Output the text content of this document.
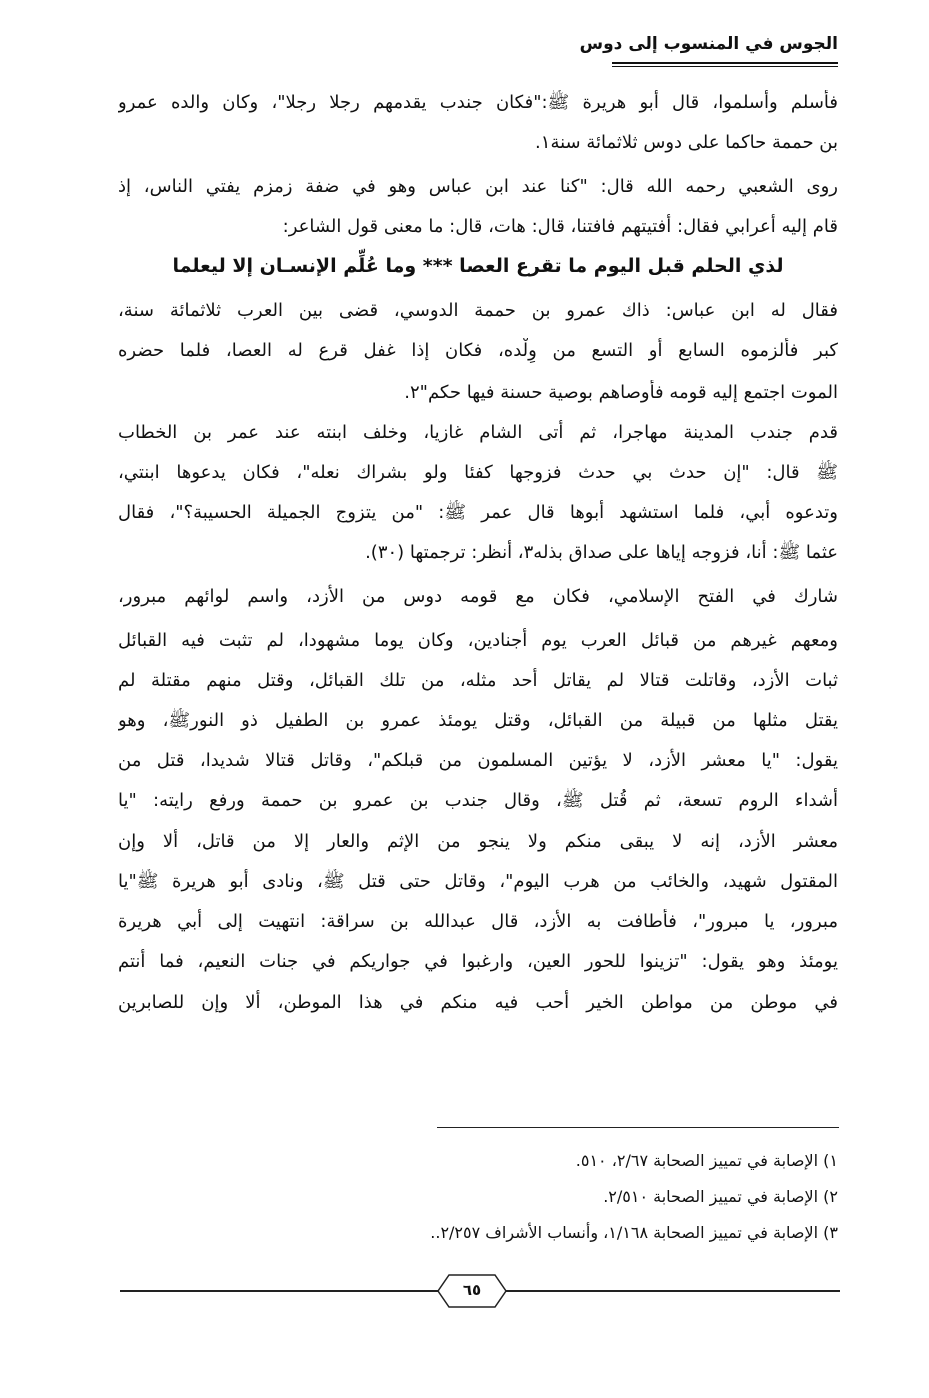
الجوس في المنسوب إلى دوس
فأسلم وأسلموا، قال أبو هريرة ﷺ:"فكان جندب يقدمهم رجلا رجلا"، وكان والده عمرو
بن حممة حاكما على دوس ثلاثمائة سنة١.
روى الشعبي رحمه الله قال: "كنا عند ابن عباس وهو في ضفة زمزم يفتي الناس، إذ
قام إليه أعرابي فقال: أفتيتهم فافتنا، قال: هات، قال: ما معنى قول الشاعر:
لذي الحلم قبل اليوم ما تقرع العصا *** وما عُلِّم الإنسـان إلا ليعلما
فقال له ابن عباس: ذاك عمرو بن حممة الدوسي، قضى بين العرب ثلاثمائة سنة،
كبر فألزموه السابع أو التسع من وِلْده، فكان إذا غفل قرع له العصا، فلما حضره
الموت اجتمع إليه قومه فأوصاهم بوصية حسنة فيها حكم"٢.
قدم جندب المدينة مهاجرا، ثم أتى الشام غازيا، وخلف ابنته عند عمر بن الخطاب
ﷺ قال: "إن حدث بي حدث فزوجها كفئا ولو بشراك نعله"، فكان يدعوها ابنتي،
وتدعوه أبي، فلما استشهد أبوها قال عمر ﷺ: "من يتزوج الجميلة الحسيبة؟"، فقال
عثما ﷺ: أنا، فزوجه إياها على صداق بذله٣، أنظر: ترجمتها (٣٠).
شارك في الفتح الإسلامي، فكان مع قومه دوس من الأزد، واسم لوائهم مبرور،
ومعهم غيرهم من قبائل العرب يوم أجنادين، وكان يوما مشهودا، لم تثبت فيه القبائل
ثبات الأزد، وقاتلت قتالا لم يقاتل أحد مثله، من تلك القبائل، وقتل منهم مقتلة لم
يقتل مثلها من قبيلة من القبائل، وقتل يومئذ عمرو بن الطفيل ذو النورﷺ، وهو
يقول: "يا معشر الأزد، لا يؤتين المسلمون من قبلكم"، وقاتل قتالا شديدا، قتل من
أشداء الروم تسعة، ثم قُتل ﷺ، وقال جندب بن عمرو بن حممة ورفع رايته: "يا
معشر الأزد، إنه لا يبقى منكم ولا ينجو من الإثم والعار إلا من قاتل، ألا وإن
المقتول شهيد، والخائب من هرب اليوم"، وقاتل حتى قتل ﷺ، ونادى أبو هريرة ﷺ"يا
مبرور، يا مبرور"، فأطافت به الأزد، قال عبدالله بن سراقة: انتهيت إلى أبي هريرة
يومئذ وهو يقول: "تزينوا للحور العين، وارغبوا في جواريكم في جنات النعيم، فما أنتم
في موطن من مواطن الخير أحب فيه منكم في هذا الموطن، ألا وإن للصابرين
١) الإصابة في تمييز الصحابة ٢/٦٧، ٥١٠.
٢) الإصابة في تمييز الصحابة ٢/٥١٠.
٣) الإصابة في تمييز الصحابة ١/١٦٨، وأنساب الأشراف ٢/٢٥٧..
٦٥
